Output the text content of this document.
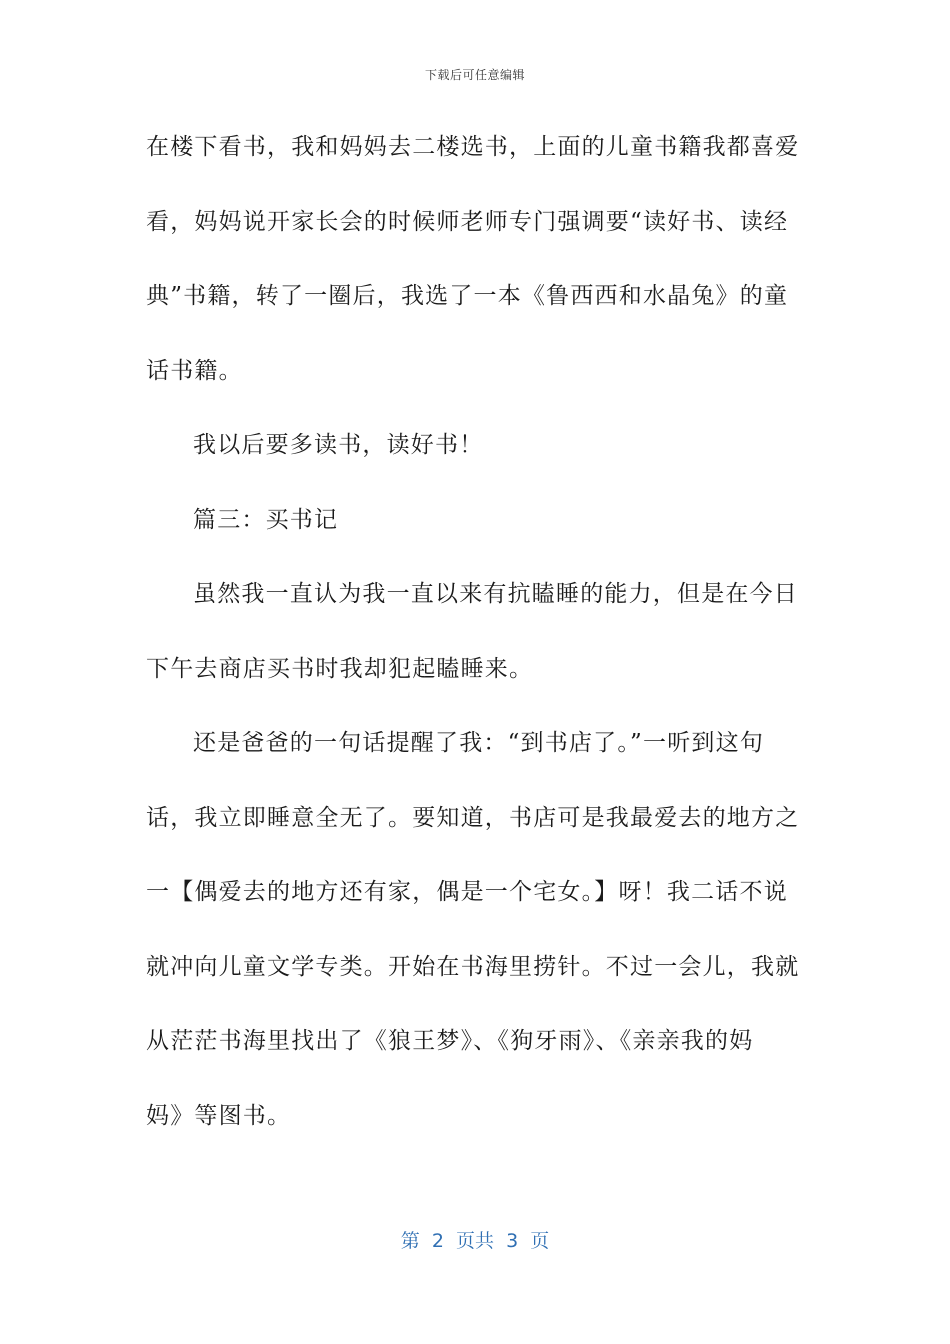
下载后可任意编辑
在楼下看书，我和妈妈去二楼选书，上面的儿童书籍我都喜爱
看，妈妈说开家长会的时候师老师专门强调要“读好书、读经
典”书籍，转了一圈后，我选了一本《鲁西西和水晶兔》的童
话书籍。
我以后要多读书，读好书！
篇三：买书记
虽然我一直认为我一直以来有抗瞌睡的能力，但是在今日
下午去商店买书时我却犯起瞌睡来。
还是爸爸的一句话提醒了我：“到书店了。”一听到这句
话，我立即睡意全无了。要知道，书店可是我最爱去的地方之
一【偶爱去的地方还有家，偶是一个宅女。】呀！我二话不说
就冲向儿童文学专类。开始在书海里捞针。不过一会儿，我就
从茫茫书海里找出了《狼王梦》、《狗牙雨》、《亲亲我的妈
妈》等图书。
第  2  页共  3  页
